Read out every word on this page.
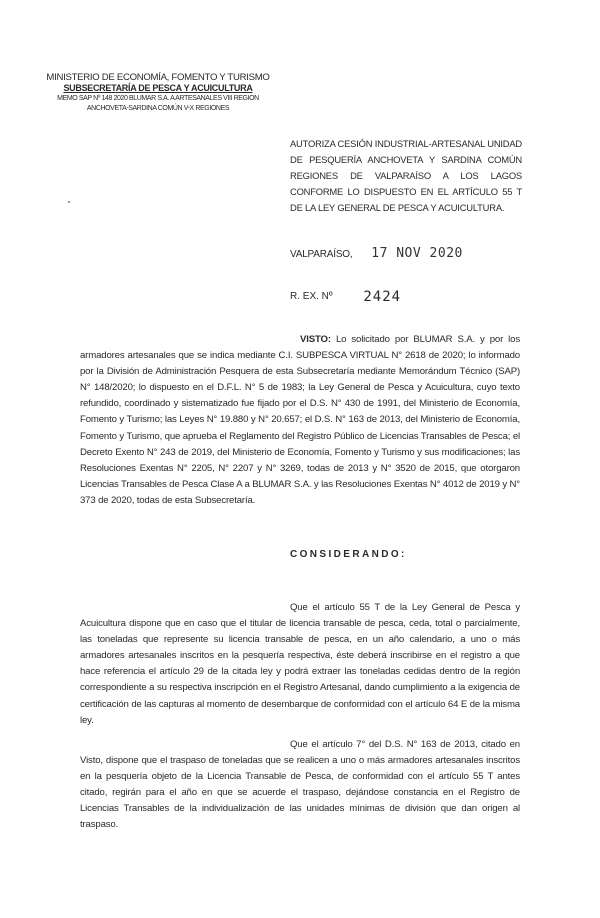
MINISTERIO DE ECONOMÍA, FOMENTO Y TURISMO
SUBSECRETARÍA DE PESCA Y ACUICULTURA
MEMO SAP Nº 148 2020 BLUMAR S.A. A ARTESANALES VIII REGION
ANCHOVETA-SARDINA COMÚN V-X REGIONES
AUTORIZA CESIÓN INDUSTRIAL-ARTESANAL UNIDAD DE PESQUERÍA ANCHOVETA Y SARDINA COMÚN REGIONES DE VALPARAÍSO A LOS LAGOS CONFORME LO DISPUESTO EN EL ARTÍCULO 55 T DE LA LEY GENERAL DE PESCA Y ACUICULTURA.
VALPARAÍSO, 17 NOV 2020
R. EX. Nº 2424

VISTO: Lo solicitado por BLUMAR S.A. y por los armadores artesanales que se indica mediante C.I. SUBPESCA VIRTUAL N° 2618 de 2020; lo informado por la División de Administración Pesquera de esta Subsecretaría mediante Memorándum Técnico (SAP) N° 148/2020; lo dispuesto en el D.F.L. N° 5 de 1983; la Ley General de Pesca y Acuicultura, cuyo texto refundido, coordinado y sistematizado fue fijado por el D.S. N° 430 de 1991, del Ministerio de Economía, Fomento y Turismo; las Leyes N° 19.880 y N° 20.657; el D.S. N° 163 de 2013, del Ministerio de Economía, Fomento y Turismo, que aprueba el Reglamento del Registro Público de Licencias Transables de Pesca; el Decreto Exento N° 243 de 2019, del Ministerio de Economía, Fomento y Turismo y sus modificaciones; las Resoluciones Exentas N° 2205, N° 2207 y N° 3269, todas de 2013 y N° 3520 de 2015, que otorgaron Licencias Transables de Pesca Clase A a BLUMAR S.A. y las Resoluciones Exentas N° 4012 de 2019 y N° 373 de 2020, todas de esta Subsecretaría.

CONSIDERANDO:

Que el artículo 55 T de la Ley General de Pesca y Acuicultura dispone que en caso que el titular de licencia transable de pesca, ceda, total o parcialmente, las toneladas que represente su licencia transable de pesca, en un año calendario, a uno o más armadores artesanales inscritos en la pesquería respectiva, éste deberá inscribirse en el registro a que hace referencia el artículo 29 de la citada ley y podrá extraer las toneladas cedidas dentro de la región correspondiente a su respectiva inscripción en el Registro Artesanal, dando cumplimiento a la exigencia de certificación de las capturas al momento de desembarque de conformidad con el artículo 64 E de la misma ley.

Que el artículo 7° del D.S. N° 163 de 2013, citado en Visto, dispone que el traspaso de toneladas que se realicen a uno o más armadores artesanales inscritos en la pesquería objeto de la Licencia Transable de Pesca, de conformidad con el artículo 55 T antes citado, regirán para el año en que se acuerde el traspaso, dejándose constancia en el Registro de Licencias Transables de la individualización de las unidades mínimas de división que dan origen al traspaso.
